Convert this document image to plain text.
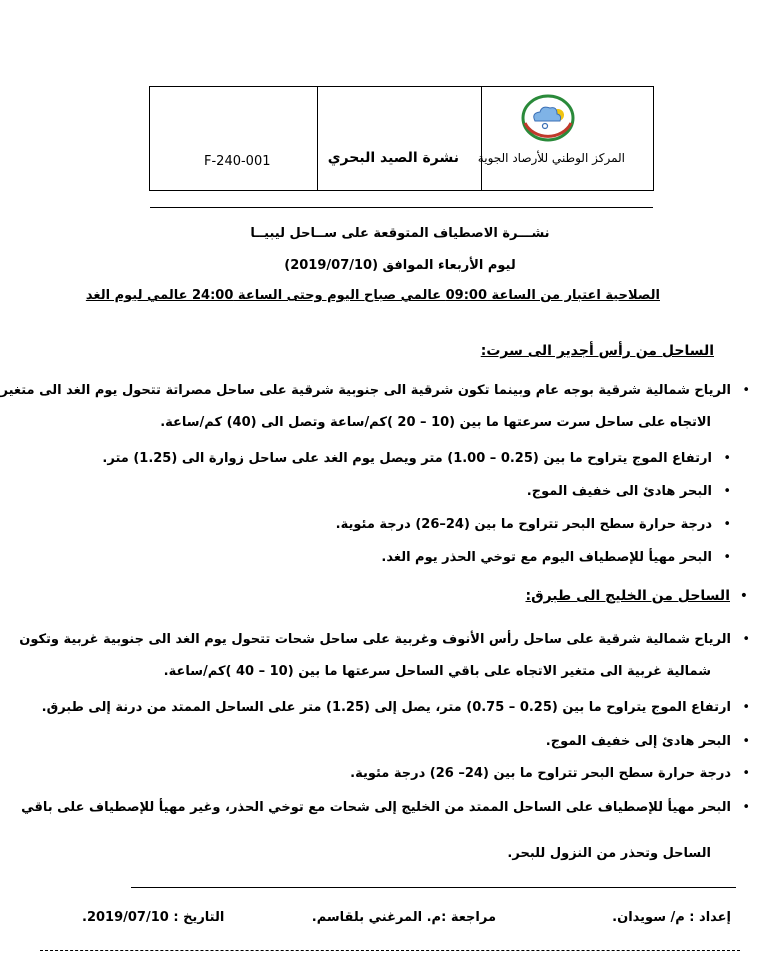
المركز الوطني للأرصاد الجوية
نشرة الصيد البحري
F-240-001
نشـــرة الاصطياف المتوقعة على ســاحل ليبيــا
ليوم الأربعاء الموافق (2019/07/10)
الصلاحية اعتبار من الساعة 09:00 عالمي صباح اليوم وحتى الساعة 24:00 عالمي ليوم الغد
الساحل من رأس أجدير الى سرت:
•
الرياح شمالية شرقية بوجه عام وبينما تكون شرقية الى جنوبية شرقية على ساحل مصراتة تتحول يوم الغد الى متغير
الاتجاه على ساحل سرت سرعتها ما بين (10 – 20 )كم/ساعة وتصل الى (40) كم/ساعة.
•
ارتفاع الموج يتراوح ما بين (0.25 – 1.00) متر ويصل يوم الغد على ساحل زوارة الى (1.25) متر.
•
البحر هادئ الى خفيف الموج.
•
درجة حرارة سطح البحر تتراوح ما بين (24–26) درجة مئوية.
•
البحر مهيأ للإصطياف اليوم مع توخي الحذر يوم الغد.
• الساحل من الخليج الى طبرق:
•
الرياح شمالية شرقية على ساحل رأس الأنوف وغربية على ساحل شحات تتحول يوم الغد الى جنوبية غربية وتكون
شمالية غربية الى متغير الاتجاه على باقي الساحل سرعتها ما بين (10 – 40 )كم/ساعة.
•
ارتفاع الموج يتراوح ما بين (0.25 – 0.75) متر، يصل إلى (1.25) متر على الساحل الممتد من درنة إلى طبرق.
•
البحر هادئ إلى خفيف الموج.
•
درجة حرارة سطح البحر تتراوح ما بين (24– 26) درجة مئوية.
•
البحر مهيأ للإصطياف على الساحل الممتد من الخليج إلى شحات مع توخي الحذر، وغير مهيأ للإصطياف على باقي
الساحل وتحذر من النزول للبحر.
إعداد : م/ سويدان.
مراجعة :م. المرغني بلقاسم.
التاريخ : 2019/07/10.
